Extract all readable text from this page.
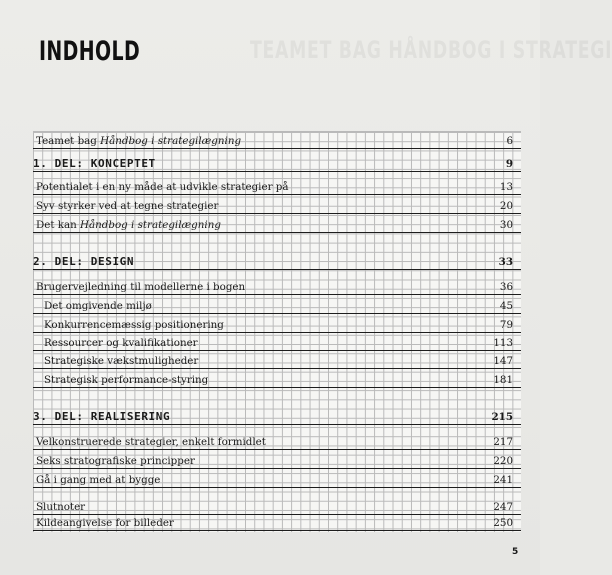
TEAMET BAG HÅNDBOG I STRATEGI
INDHOLD
Teamet bag Håndbog i strategilægning	6
1. DEL: KONCEPTET	9
Potentialet i en ny måde at udvikle strategier på	13
Syv styrker ved at tegne strategier	20
Det kan Håndbog i strategilægning	30
2. DEL: DESIGN	33
Brugervejledning til modellerne i bogen	36
Det omgivende miljø	45
Konkurrencemæssig positionering	79
Ressourcer og kvalifikationer	113
Strategiske vækstmuligheder	147
Strategisk performance-styring	181
3. DEL: REALISERING	215
Velkonstruerede strategier, enkelt formidlet	217
Seks stratografiske principper	220
Gå i gang med at bygge	241
Slutnoter	247
Kildeangivelse for billeder	250
5
